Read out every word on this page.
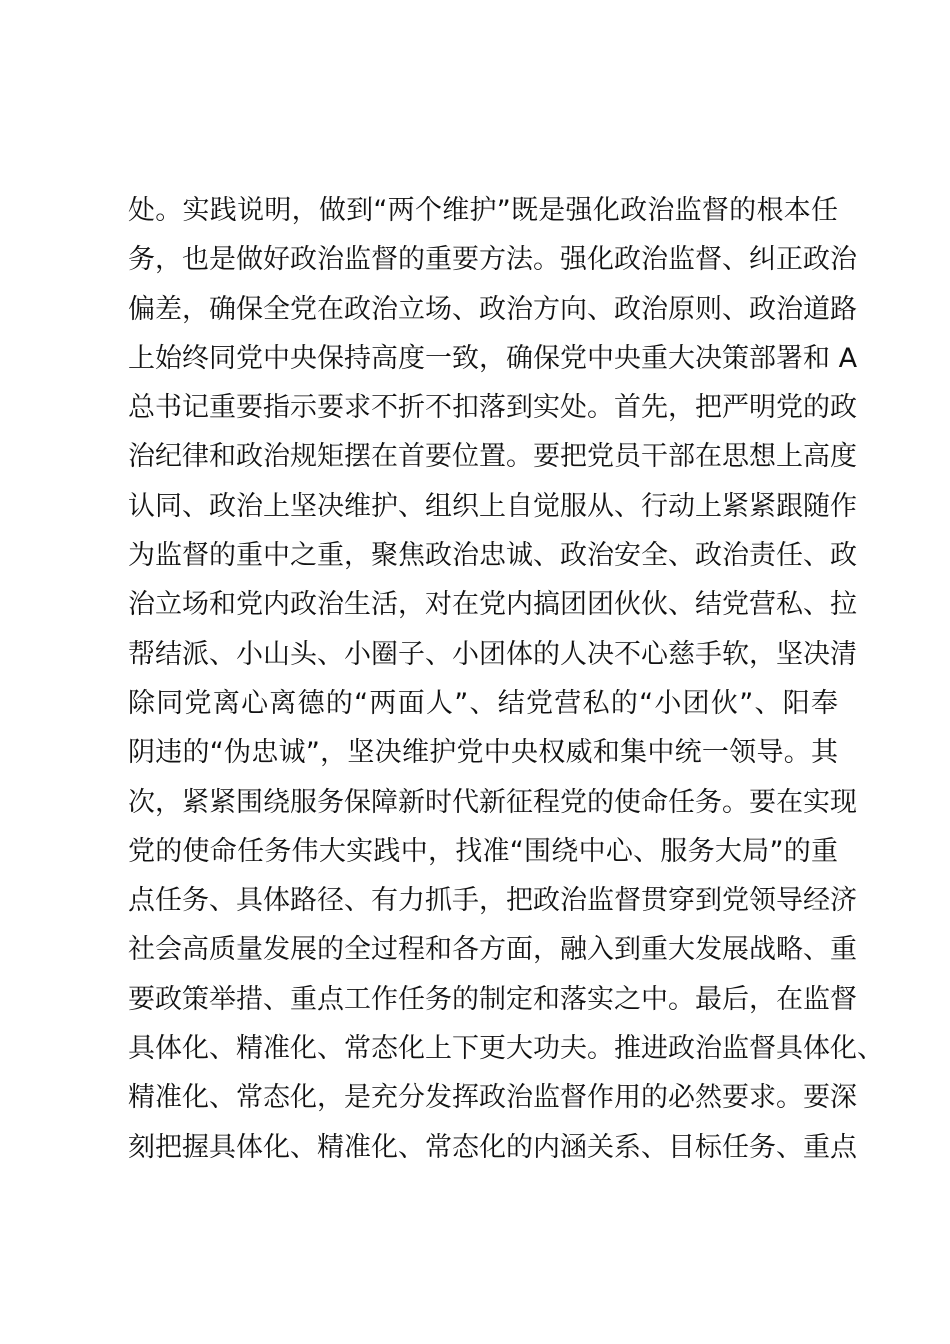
处。实践说明，做到“两个维护”既是强化政治监督的根本任
务，也是做好政治监督的重要方法。强化政治监督、纠正政治
偏差，确保全党在政治立场、政治方向、政治原则、政治道路
上始终同党中央保持高度一致，确保党中央重大决策部署和 A
总书记重要指示要求不折不扣落到实处。首先，把严明党的政
治纪律和政治规矩摆在首要位置。要把党员干部在思想上高度
认同、政治上坚决维护、组织上自觉服从、行动上紧紧跟随作
为监督的重中之重，聚焦政治忠诚、政治安全、政治责任、政
治立场和党内政治生活，对在党内搞团团伙伙、结党营私、拉
帮结派、小山头、小圈子、小团体的人决不心慈手软，坚决清
除同党离心离德的“两面人”、结党营私的“小团伙”、阳奉
阴违的“伪忠诚”，坚决维护党中央权威和集中统一领导。其
次，紧紧围绕服务保障新时代新征程党的使命任务。要在实现
党的使命任务伟大实践中，找准“围绕中心、服务大局”的重
点任务、具体路径、有力抓手，把政治监督贯穿到党领导经济
社会高质量发展的全过程和各方面，融入到重大发展战略、重
要政策举措、重点工作任务的制定和落实之中。最后，在监督
具体化、精准化、常态化上下更大功夫。推进政治监督具体化、
精准化、常态化，是充分发挥政治监督作用的必然要求。要深
刻把握具体化、精准化、常态化的内涵关系、目标任务、重点
